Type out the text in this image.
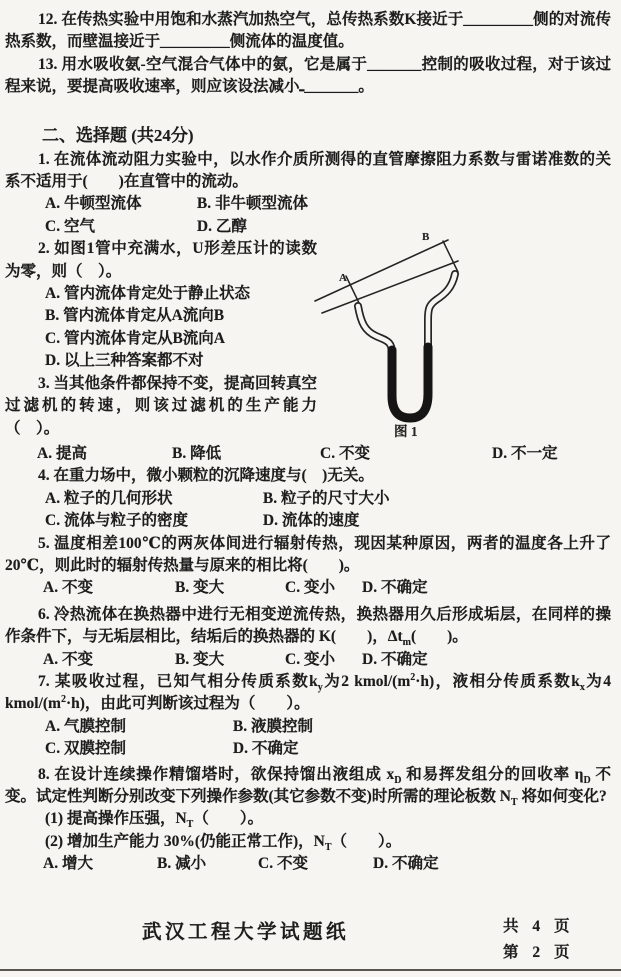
12. 在传热实验中用饱和水蒸汽加热空气，总传热系数K接近于_________侧的对流传热系数，而壁温接近于_________侧流体的温度值。

13. 用水吸收氨-空气混合气体中的氨，它是属于_______控制的吸收过程，对于该过程来说，要提高吸收速率，则应该设法减小ـ_______。

二、选择题 (共24分)

1. 在流体流动阻力实验中，以水作介质所测得的直管摩擦阻力系数与雷诺准数的关系不适用于(　　)在直管中的流动。

A. 牛顿型流体	B. 非牛顿型流体
C. 空气	D. 乙醇

2. 如图1管中充满水，U形差压计的读数为零，则（　）。

A. 管内流体肯定处于静止状态
B. 管内流体肯定从A流向B
C. 管内流体肯定从B流向A
D. 以上三种答案都不对

3. 当其他条件都保持不变，提高回转真空过滤机的转速，则该过滤机的生产能力（　）。

A. 提高	B. 降低	C. 不变	D. 不一定

4. 在重力场中，微小颗粒的沉降速度与(　)无关。

A. 粒子的几何形状	B. 粒子的尺寸大小
C. 流体与粒子的密度	D. 流体的速度

5. 温度相差100℃的两灰体间进行辐射传热，现因某种原因，两者的温度各上升了20℃，则此时的辐射传热量与原来的相比将(　　)。

A. 不变	B. 变大	C. 变小	D. 不确定

6. 冷热流体在换热器中进行无相变逆流传热，换热器用久后形成垢层，在同样的操作条件下，与无垢层相比，结垢后的换热器的 K(　　)，$\Delta t_m$(　　)。

A. 不变	B. 变大	C. 变小	D. 不确定

7. 某吸收过程，已知气相分传质系数$k_y$为2 kmol/$(m^2\cdot h)$，液相分传质系数$k_x$为4 kmol/$(m^2\cdot h)$，由此可判断该过程为（　　）。

A. 气膜控制	B. 液膜控制
C. 双膜控制	D. 不确定

8. 在设计连续操作精馏塔时，欲保持馏出液组成 $x_D$ 和易挥发组分的回收率 $\eta_D$ 不变。试定性判断分别改变下列操作参数(其它参数不变)时所需的理论板数 $N_T$ 将如何变化?

(1) 提高操作压强，$N_T$（　　）。
(2) 增加生产能力 30%(仍能正常工作)，$N_T$（　　）。
A. 增大	B. 减小	C. 不变	D. 不确定
A
B
图 1
武汉工程大学试题纸	共 4 页
第 2 页
